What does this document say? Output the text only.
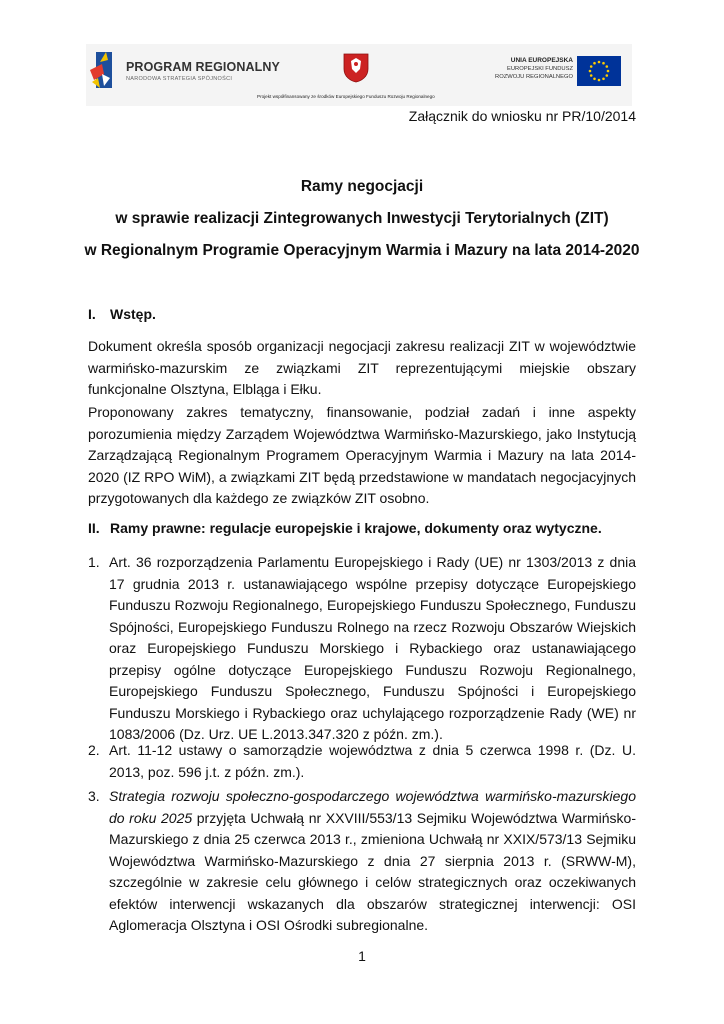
PROGRAM REGIONALNY
NARODOWA STRATEGIA SPÓJNOŚCI
Projekt współfinansowany ze środków Europejskiego Funduszu Rozwoju Regionalnego
UNIA EUROPEJSKA
EUROPEJSKI FUNDUSZ
ROZWOJU REGIONALNEGO
Załącznik do wniosku nr PR/10/2014
Ramy negocjacji
w sprawie realizacji Zintegrowanych Inwestycji Terytorialnych (ZIT)
w Regionalnym Programie Operacyjnym Warmia i Mazury na lata 2014-2020
I. Wstęp.
Dokument określa sposób organizacji negocjacji zakresu realizacji ZIT w województwie warmińsko-mazurskim ze związkami ZIT reprezentującymi miejskie obszary funkcjonalne Olsztyna, Elbląga i Ełku.
Proponowany zakres tematyczny, finansowanie, podział zadań i inne aspekty porozumienia między Zarządem Województwa Warmińsko-Mazurskiego, jako Instytucją Zarządzającą Regionalnym Programem Operacyjnym Warmia i Mazury na lata 2014-2020 (IZ RPO WiM), a związkami ZIT będą przedstawione w mandatach negocjacyjnych przygotowanych dla każdego ze związków ZIT osobno.
II. Ramy prawne: regulacje europejskie i krajowe, dokumenty oraz wytyczne.
1. Art. 36 rozporządzenia Parlamentu Europejskiego i Rady (UE) nr 1303/2013 z dnia 17 grudnia 2013 r. ustanawiającego wspólne przepisy dotyczące Europejskiego Funduszu Rozwoju Regionalnego, Europejskiego Funduszu Społecznego, Funduszu Spójności, Europejskiego Funduszu Rolnego na rzecz Rozwoju Obszarów Wiejskich oraz Europejskiego Funduszu Morskiego i Rybackiego oraz ustanawiającego przepisy ogólne dotyczące Europejskiego Funduszu Rozwoju Regionalnego, Europejskiego Funduszu Społecznego, Funduszu Spójności i Europejskiego Funduszu Morskiego i Rybackiego oraz uchylającego rozporządzenie Rady (WE) nr 1083/2006 (Dz. Urz. UE L.2013.347.320 z późn. zm.).
2. Art. 11-12 ustawy o samorządzie województwa z dnia 5 czerwca 1998 r. (Dz. U. 2013, poz. 596 j.t. z późn. zm.).
3. Strategia rozwoju społeczno-gospodarczego województwa warmińsko-mazurskiego do roku 2025 przyjęta Uchwałą nr XXVIII/553/13 Sejmiku Województwa Warmińsko-Mazurskiego z dnia 25 czerwca 2013 r., zmieniona Uchwałą nr XXIX/573/13 Sejmiku Województwa Warmińsko-Mazurskiego z dnia 27 sierpnia 2013 r. (SRWW-M), szczególnie w zakresie celu głównego i celów strategicznych oraz oczekiwanych efektów interwencji wskazanych dla obszarów strategicznej interwencji: OSI Aglomeracja Olsztyna i OSI Ośrodki subregionalne.
1
